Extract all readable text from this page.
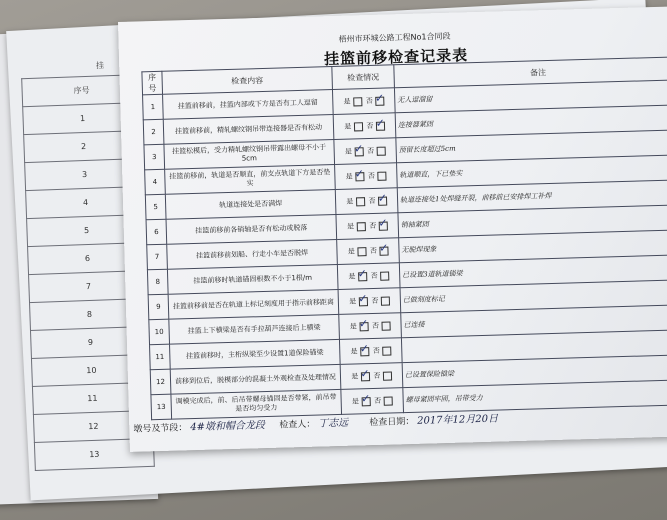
序号
1
2
3
4
5
6
7
8
9
10
11
12
13
挂
梧州市环城公路工程No1合同段
挂篮前移检查记录表
序号	检查内容	检查情况	备注
1	挂篮前移前，挂篮内部或下方是否有工人逗留	是 否 ✓	无人逗溜留
2	挂篮前移前，精轧螺纹钢吊带连接器是否有松动	是 否 ✓	连接器紧固
3	挂篮松模后，受力精轧螺纹钢吊带露出螺母不小于5cm	是 ✓ 否	预留长度超过5cm
4	挂篮前移前，轨道是否顺直，前支点轨道下方是否垫实	是 ✓ 否	轨道顺直，下已垫实
5	轨道连接处是否满焊	是 否 ✓	轨道连接处1处焊缝开裂，前移前已安排焊工补焊
6	挂篮前移前各销轴是否有松动或脱落	是 否 ✓	销轴紧固
7	挂篮前移前划船、行走小车是否脱焊	是 否 ✓	无脱焊现象
8	挂篮前移时轨道锚固根数不小于1根/m	是 ✓ 否	已设置3道轨道锚梁
9	挂篮前移前是否在轨道上标记刻度用于指示前移距离	是 ✓ 否	已做刻度标记
10	挂篮上下横梁是否有手拉葫芦连接后上横梁	是 ✓ 否	已连接
11	挂篮前移时，主桁纵梁至少设置1道保险锚梁	是 ✓ 否	
12	前移到位后，脱模部分的混凝土外观检查及处理情况	是 ✓ 否	已设置保险锚梁
13	调模完成后，前、后吊带螺母锚固是否带紧，前吊带是否均匀受力	是 ✓ 否	螺母紧固牢固，吊带受力
墩号及节段： 4#墩和帽合龙段 检查人： 丁志远 检查日期： 2017年12月20日
